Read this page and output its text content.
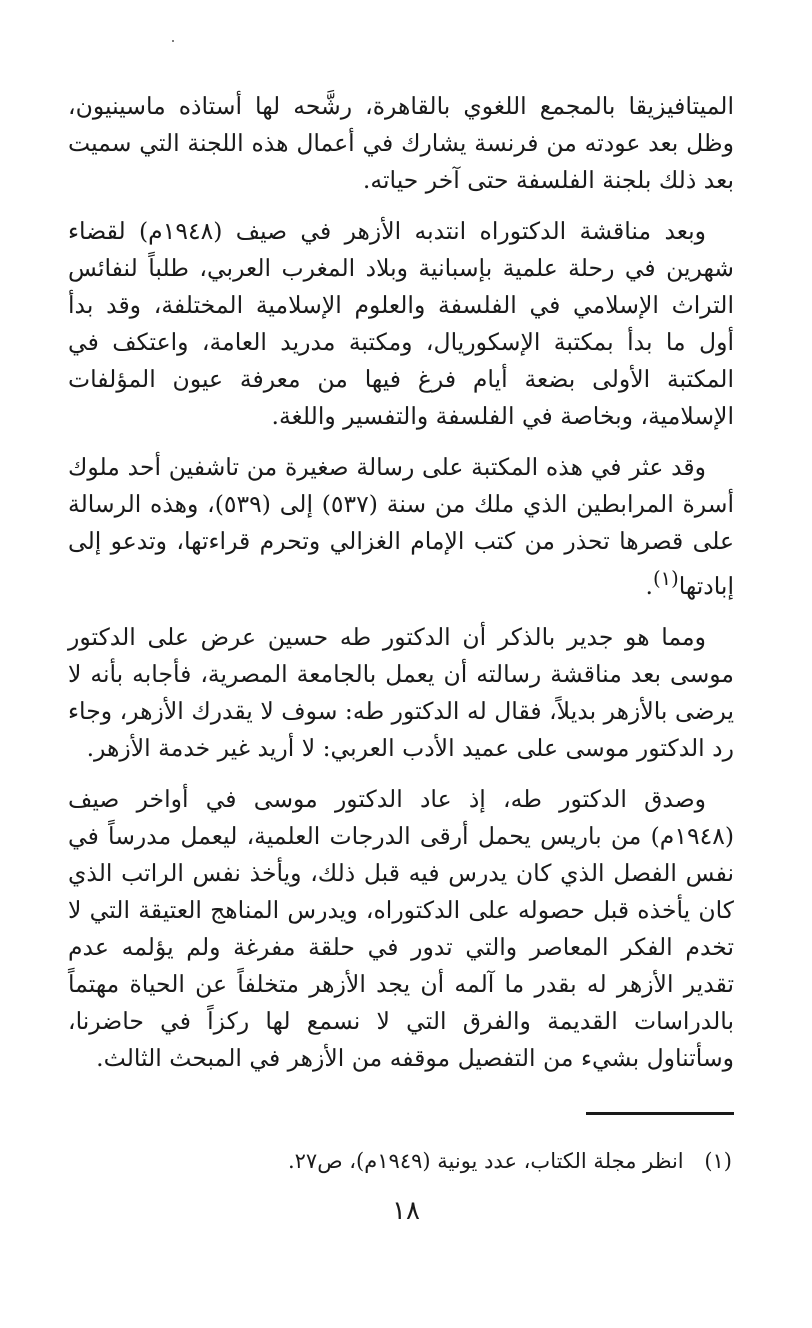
الميتافيزيقا بالمجمع اللغوي بالقاهرة، رشَّحه لها أستاذه ماسينيون، وظل بعد عودته من فرنسة يشارك في أعمال هذه اللجنة التي سميت بعد ذلك بلجنة الفلسفة حتى آخر حياته.

وبعد مناقشة الدكتوراه انتدبه الأزهر في صيف (١٩٤٨م) لقضاء شهرين في رحلة علمية بإسبانية وبلاد المغرب العربي، طلباً لنفائس التراث الإسلامي في الفلسفة والعلوم الإسلامية المختلفة، وقد بدأ أول ما بدأ بمكتبة الإسكوريال، ومكتبة مدريد العامة، واعتكف في المكتبة الأولى بضعة أيام فرغ فيها من معرفة عيون المؤلفات الإسلامية، وبخاصة في الفلسفة والتفسير واللغة.

وقد عثر في هذه المكتبة على رسالة صغيرة من تاشفين أحد ملوك أسرة المرابطين الذي ملك من سنة (٥٣٧) إلى (٥٣٩)، وهذه الرسالة على قصرها تحذر من كتب الإمام الغزالي وتحرم قراءتها، وتدعو إلى إبادتها$^{(١)}$.

ومما هو جدير بالذكر أن الدكتور طه حسين عرض على الدكتور موسى بعد مناقشة رسالته أن يعمل بالجامعة المصرية، فأجابه بأنه لا يرضى بالأزهر بديلاً، فقال له الدكتور طه: سوف لا يقدرك الأزهر، وجاء رد الدكتور موسى على عميد الأدب العربي: لا أريد غير خدمة الأزهر.

وصدق الدكتور طه، إذ عاد الدكتور موسى في أواخر صيف (١٩٤٨م) من باريس يحمل أرقى الدرجات العلمية، ليعمل مدرساً في نفس الفصل الذي كان يدرس فيه قبل ذلك، ويأخذ نفس الراتب الذي كان يأخذه قبل حصوله على الدكتوراه، ويدرس المناهج العتيقة التي لا تخدم الفكر المعاصر والتي تدور في حلقة مفرغة ولم يؤلمه عدم تقدير الأزهر له بقدر ما آلمه أن يجد الأزهر متخلفاً عن الحياة مهتماً بالدراسات القديمة والفرق التي لا نسمع لها ركزاً في حاضرنا، وسأتناول بشيء من التفصيل موقفه من الأزهر في المبحث الثالث.

(١) انظر مجلة الكتاب، عدد يونية (١٩٤٩م)، ص٢٧.
١٨
